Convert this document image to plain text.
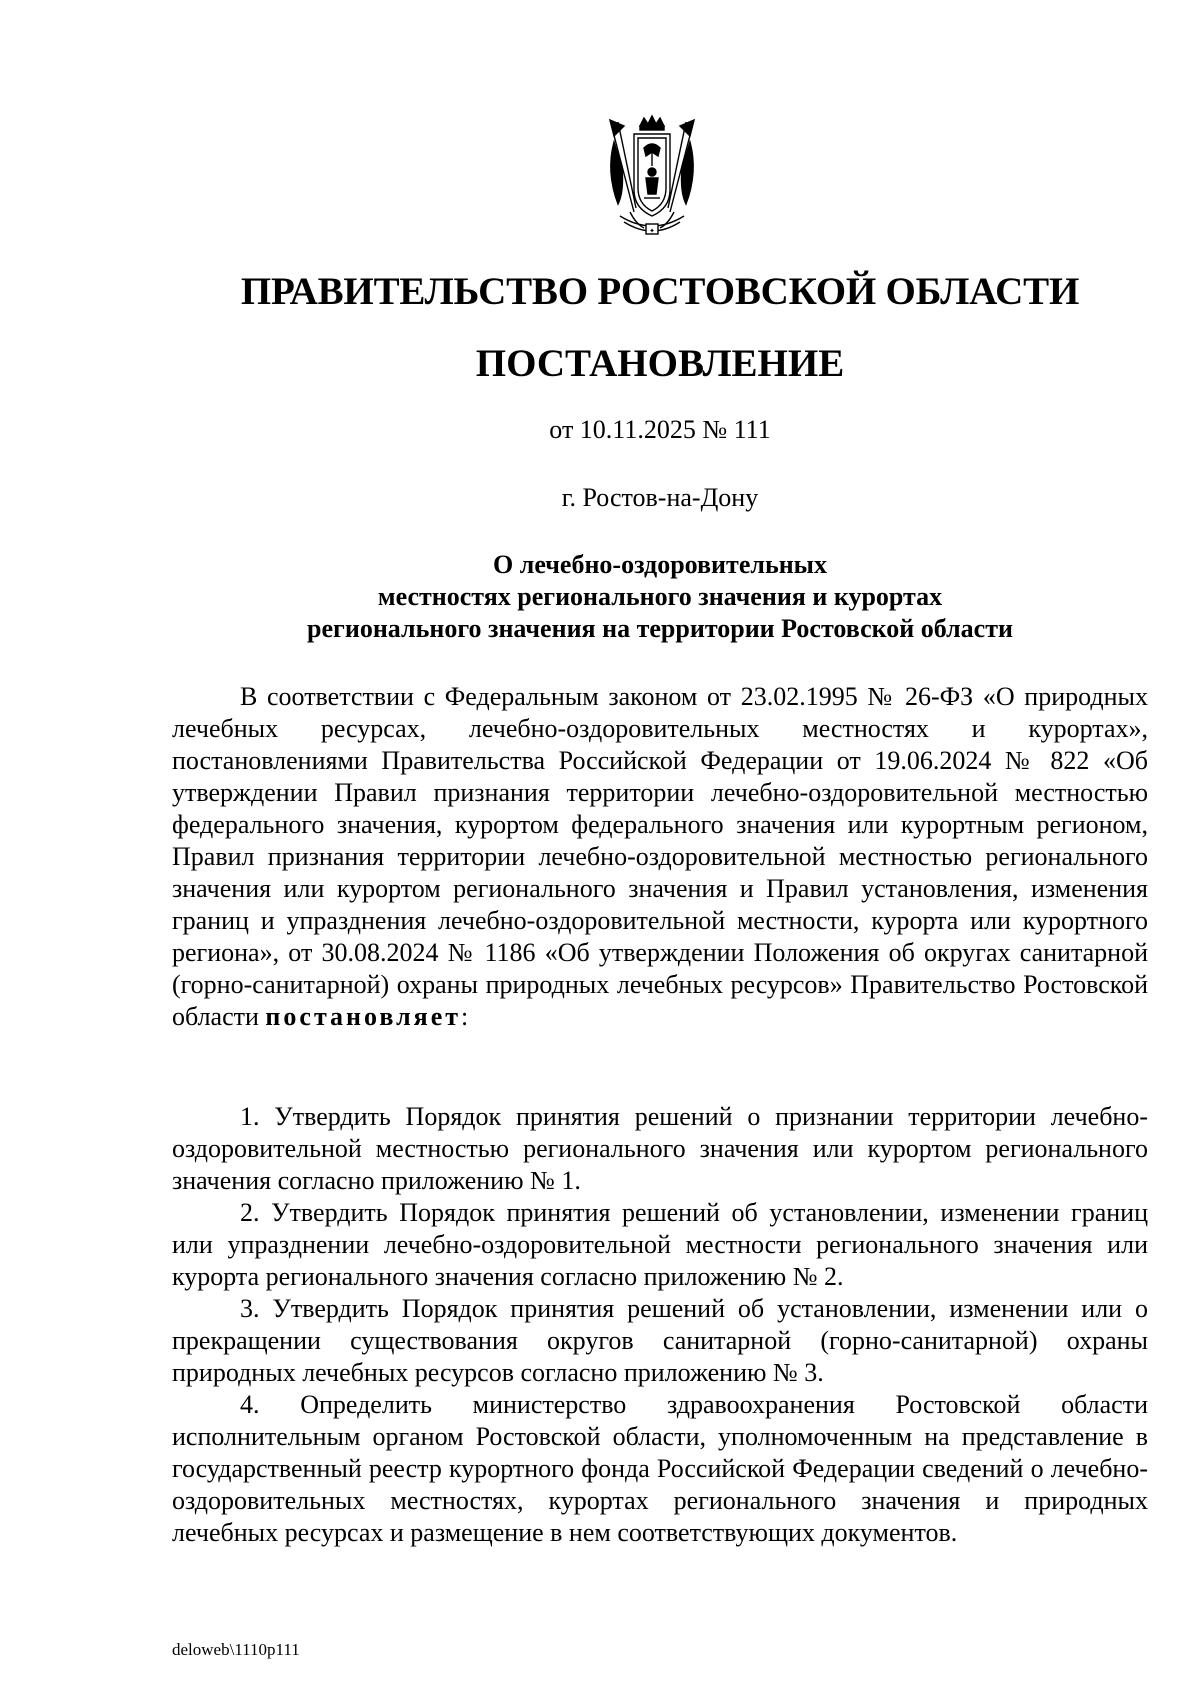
✦
ПРАВИТЕЛЬСТВО РОСТОВСКОЙ ОБЛАСТИ
ПОСТАНОВЛЕНИЕ
от 10.11.2025 № 111
г. Ростов-на-Дону
О лечебно-оздоровительных
местностях регионального значения и курортах
регионального значения на территории Ростовской области

В соответствии с Федеральным законом от 23.02.1995 № 26-ФЗ «О природных лечебных ресурсах, лечебно-оздоровительных местностях и курортах», постановлениями Правительства Российской Федерации от 19.06.2024 № 822 «Об утверждении Правил признания территории лечебно-оздоровительной местностью федерального значения, курортом федерального значения или курортным регионом, Правил признания территории лечебно-оздоровительной местностью регионального значения или курортом регионального значения и Правил установления, изменения границ и упразднения лечебно-оздоровительной местности, курорта или курортного региона», от 30.08.2024 № 1186 «Об утверждении Положения об округах санитарной (горно-санитарной) охраны природных лечебных ресурсов» Правительство Ростовской области постановляет:

1. Утвердить Порядок принятия решений о признании территории лечебно-оздоровительной местностью регионального значения или курортом регионального значения согласно приложению № 1.

2. Утвердить Порядок принятия решений об установлении, изменении границ или упразднении лечебно-оздоровительной местности регионального значения или курорта регионального значения согласно приложению № 2.

3. Утвердить Порядок принятия решений об установлении, изменении или о прекращении существования округов санитарной (горно-санитарной) охраны природных лечебных ресурсов согласно приложению № 3.

4. Определить министерство здравоохранения Ростовской области исполнительным органом Ростовской области, уполномоченным на представление в государственный реестр курортного фонда Российской Федерации сведений о лечебно-оздоровительных местностях, курортах регионального значения и природных лечебных ресурсах и размещение в нем соответствующих документов.

deloweb\1110p111
